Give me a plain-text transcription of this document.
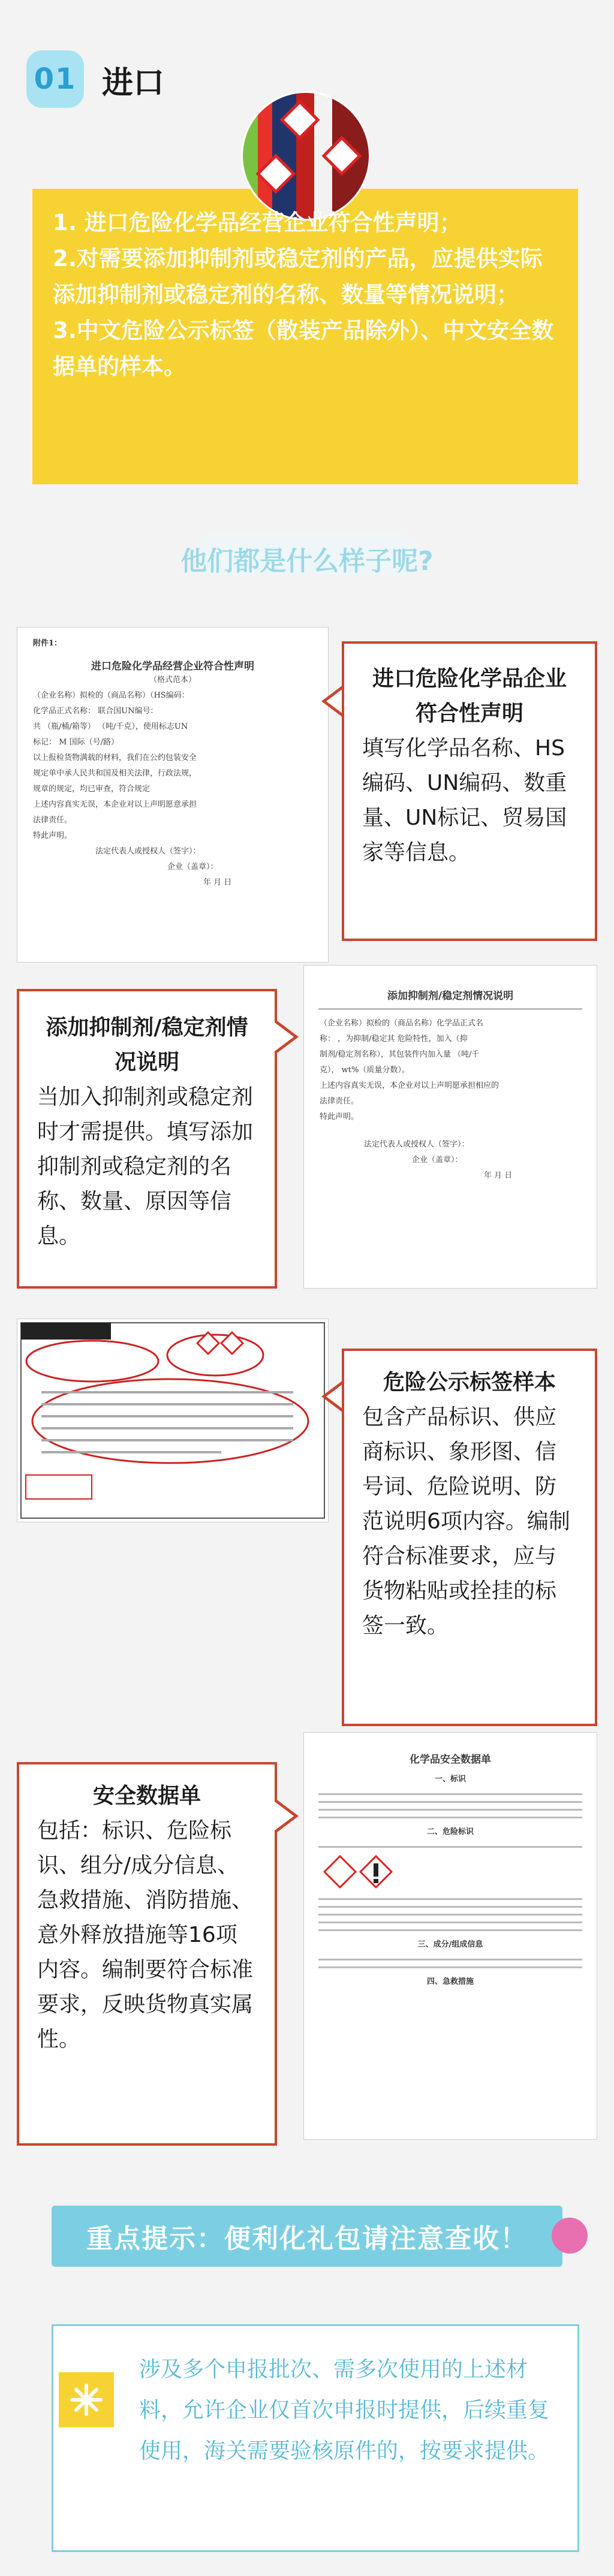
01 进口
1. 进口危险化学品经营企业符合性声明；
2.对需要添加抑制剂或稳定剂的产品，应提供实际添加抑制剂或稳定剂的名称、数量等情况说明；
3.中文危险公示标签（散装产品除外）、中文安全数据单的样本。
他们都是什么样子呢?
附件1：
进口危险化学品经营企业符合性声明
（格式范本）
（企业名称）拟检的（商品名称）（HS编码：
化学品正式名称： 联合国UN编号：
共 （瓶/桶/箱等） （吨/千克），使用标志UN
标记： M 国际（号/路）
以上报检货物满载的材料，我们在公约包装安全
规定单中承人民共和国及相关法律，行政法规，
规章的规定，均已审查，符合规定
上述内容真实无误，本企业对以上声明愿意承担
法律责任。
特此声明。
法定代表人或授权人（签字）：
企业（盖章）：
年 月 日
进口危险化学品企业符合性声明
填写化学品名称、HS编码、UN编码、数重量、UN标记、贸易国家等信息。
添加抑制剂/稳定剂情况说明
当加入抑制剂或稳定剂时才需提供。填写添加抑制剂或稳定剂的名称、数量、原因等信息。
添加抑制剂/稳定剂情况说明
（企业名称）拟检的（商品名称）化学品正式名
称： ，为抑制/稳定其 危险特性，加入（抑
制剂/稳定剂名称），其包装件内加入量 （吨/千
克）， wt%（质量分数）。
上述内容真实无误，本企业对以上声明愿承担相应的
法律责任。
特此声明。
法定代表人或授权人（签字）：
企业（盖章）：
年 月 日
危险公示标签样本
包含产品标识、供应商标识、象形图、信号词、危险说明、防范说明6项内容。编制符合标准要求，应与货物粘贴或拴挂的标签一致。
安全数据单
包括：标识、危险标识、组分/成分信息、急救措施、消防措施、意外释放措施等16项内容。编制要符合标准要求，反映货物真实属性。
化学品安全数据单
一、标识
二、危险标识
三、成分/组成信息
四、急救措施
重点提示：便利化礼包请注意查收！
涉及多个申报批次、需多次使用的上述材料，允许企业仅首次申报时提供，后续重复使用，海关需要验核原件的，按要求提供。
